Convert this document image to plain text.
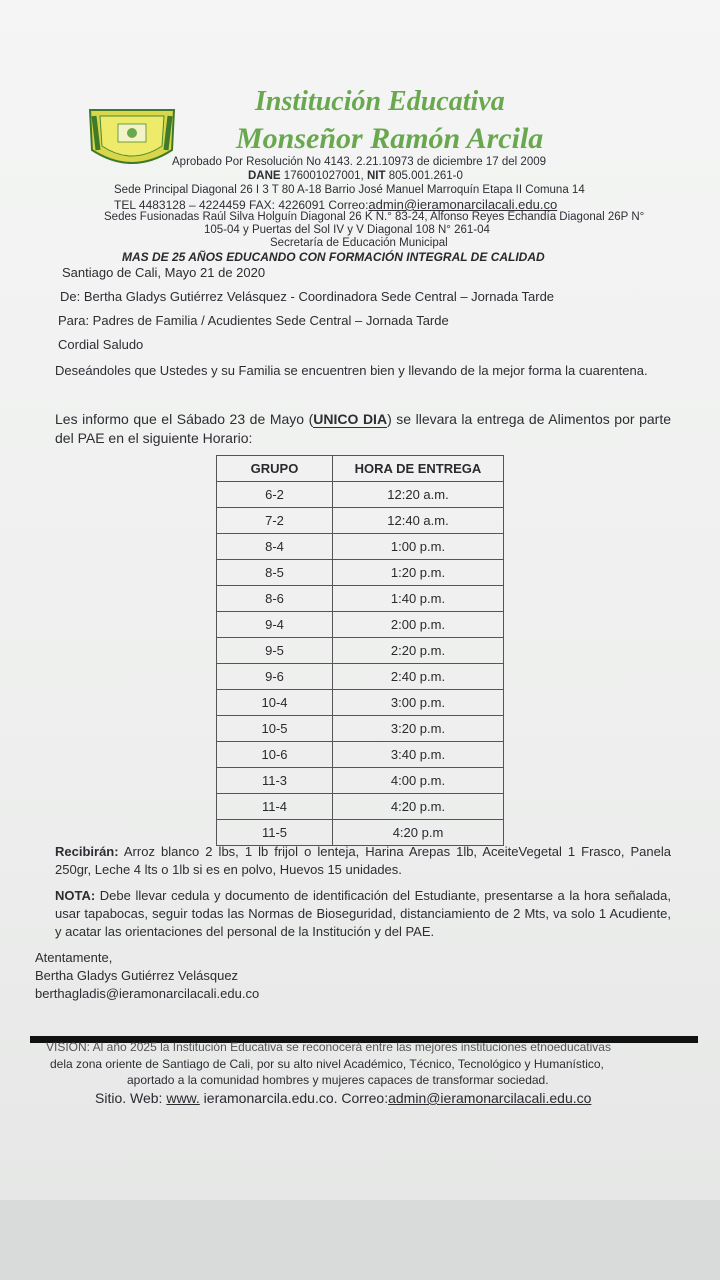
Institución Educativa
Monseñor Ramón Arcila
Aprobado Por Resolución No 4143. 2.21.10973 de diciembre 17 del 2009
DANE 176001027001, NIT 805.001.261-0
Sede Principal Diagonal 26 I 3 T 80 A-18 Barrio José Manuel Marroquín Etapa II Comuna 14
TEL 4483128 – 4224459 FAX: 4226091 Correo:admin@ieramonarcilacali.edu.co
Sedes Fusionadas Raúl Silva Holguín Diagonal 26 K N.° 83-24, Alfonso Reyes Echandía Diagonal 26P N°
105-04 y Puertas del Sol IV y V Diagonal 108 N° 261-04
Secretaría de Educación Municipal
MAS DE 25 AÑOS EDUCANDO CON FORMACIÓN INTEGRAL DE CALIDAD
Santiago de Cali, Mayo 21 de 2020
De: Bertha Gladys Gutiérrez Velásquez - Coordinadora Sede Central – Jornada Tarde
Para: Padres de Familia / Acudientes Sede Central – Jornada Tarde
Cordial Saludo
Deseándoles que Ustedes y su Familia se encuentren bien y llevando de la mejor forma la cuarentena.
Les informo que el Sábado 23 de Mayo (UNICO DIA) se llevara la entrega de Alimentos por parte del PAE en el siguiente Horario:
GRUPO	HORA DE ENTREGA
6-2	12:20 a.m.
7-2	12:40 a.m.
8-4	1:00 p.m.
8-5	1:20 p.m.
8-6	1:40 p.m.
9-4	2:00 p.m.
9-5	2:20 p.m.
9-6	2:40 p.m.
10-4	3:00 p.m.
10-5	3:20 p.m.
10-6	3:40 p.m.
11-3	4:00 p.m.
11-4	4:20 p.m.
11-5	4:20 p.m
Recibirán: Arroz blanco 2 lbs, 1 lb frijol o lenteja, Harina Arepas 1lb, AceiteVegetal 1 Frasco, Panela 250gr, Leche 4 lts o 1lb si es en polvo, Huevos 15 unidades.
NOTA: Debe llevar cedula y documento de identificación del Estudiante, presentarse a la hora señalada, usar tapabocas, seguir todas las Normas de Bioseguridad, distanciamiento de 2 Mts, va solo 1 Acudiente, y acatar las orientaciones del personal de la Institución y del PAE.
Atentamente,
Bertha Gladys Gutiérrez Velásquez
berthagladis@ieramonarcilacali.edu.co
VISION: Al año 2025 la Institución Educativa se reconocerá entre las mejores instituciones etnoeducativas
dela zona oriente de Santiago de Cali, por su alto nivel Académico, Técnico, Tecnológico y Humanístico,
aportado a la comunidad hombres y mujeres capaces de transformar sociedad.
Sitio. Web: www. ieramonarcila.edu.co. Correo:admin@ieramonarcilacali.edu.co
